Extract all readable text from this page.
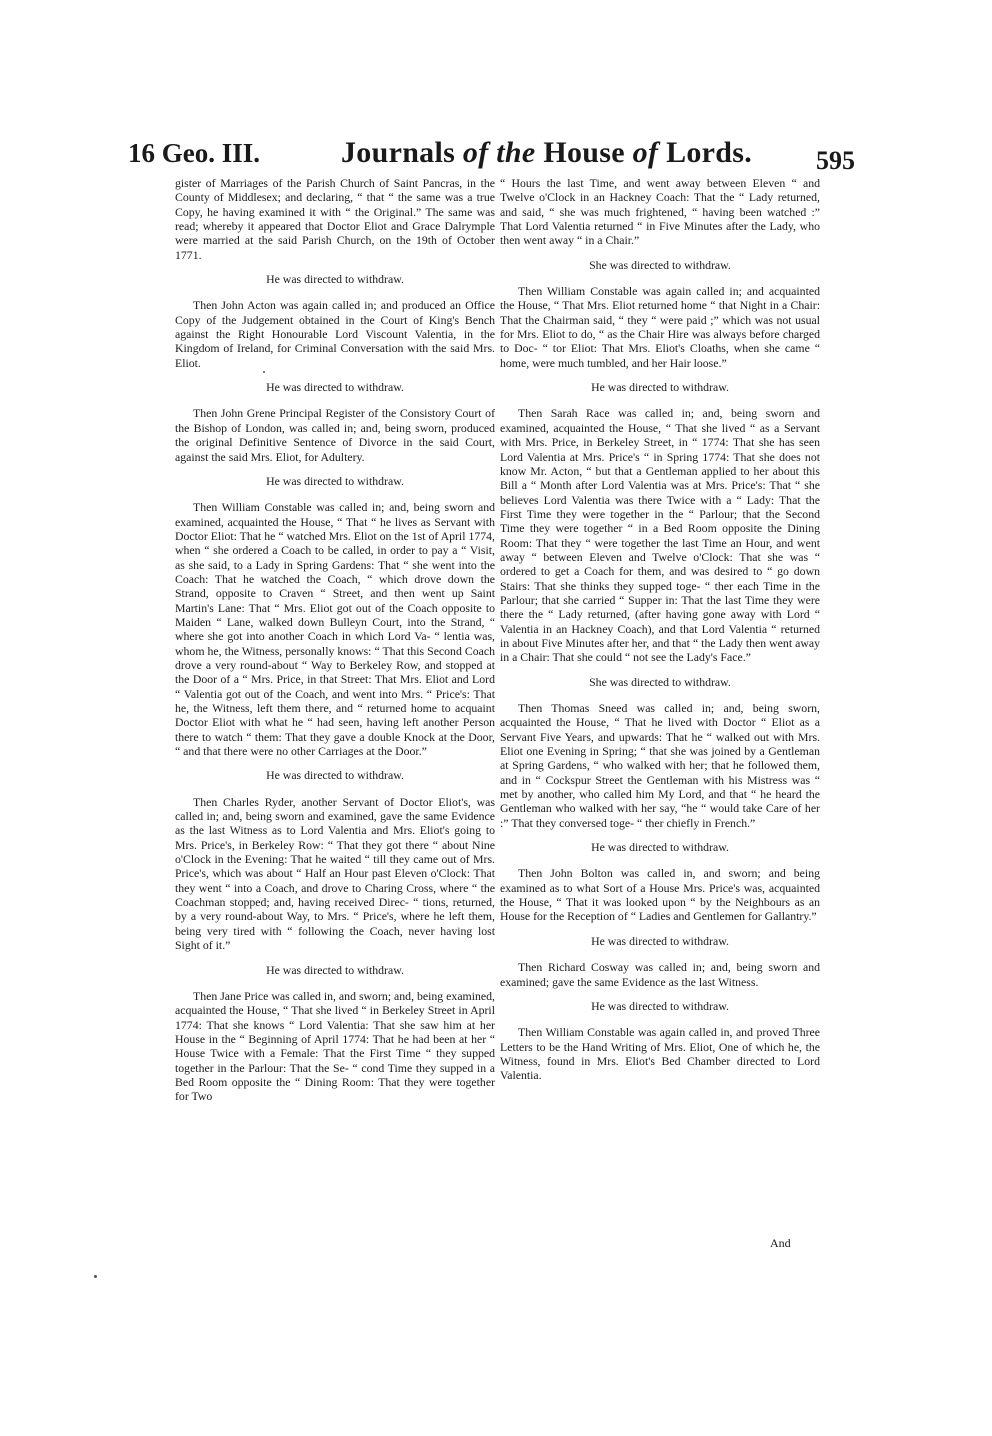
16 Geo. III.	Journals of the House of Lords. 595

gister of Marriages of the Parish Church of Saint Pancras, in the County of Middlesex; and declaring, “ that “ the same was a true Copy, he having examined it with “ the Original.” The same was read; whereby it appeared that Doctor Eliot and Grace Dalrymple were married at the said Parish Church, on the 19th of October 1771.

He was directed to withdraw.

Then John Acton was again called in; and produced an Office Copy of the Judgement obtained in the Court of King's Bench against the Right Honourable Lord Viscount Valentia, in the Kingdom of Ireland, for Criminal Conversation with the said Mrs. Eliot.

He was directed to withdraw.

Then John Grene Principal Register of the Consistory Court of the Bishop of London, was called in; and, being sworn, produced the original Definitive Sentence of Divorce in the said Court, against the said Mrs. Eliot, for Adultery.

He was directed to withdraw.

Then William Constable was called in; and, being sworn and examined, acquainted the House, “ That “ he lives as Servant with Doctor Eliot: That he “ watched Mrs. Eliot on the 1st of April 1774, when “ she ordered a Coach to be called, in order to pay a “ Visit, as she said, to a Lady in Spring Gardens: That “ she went into the Coach: That he watched the Coach, “ which drove down the Strand, opposite to Craven “ Street, and then went up Saint Martin's Lane: That “ Mrs. Eliot got out of the Coach opposite to Maiden “ Lane, walked down Bulleyn Court, into the Strand, “ where she got into another Coach in which Lord Va- “ lentia was, whom he, the Witness, personally knows: “ That this Second Coach drove a very round-about “ Way to Berkeley Row, and stopped at the Door of a “ Mrs. Price, in that Street: That Mrs. Eliot and Lord “ Valentia got out of the Coach, and went into Mrs. “ Price's: That he, the Witness, left them there, and “ returned home to acquaint Doctor Eliot with what he “ had seen, having left another Person there to watch “ them: That they gave a double Knock at the Door, “ and that there were no other Carriages at the Door.”

He was directed to withdraw.

Then Charles Ryder, another Servant of Doctor Eliot's, was called in; and, being sworn and examined, gave the same Evidence as the last Witness as to Lord Valentia and Mrs. Eliot's going to Mrs. Price's, in Berkeley Row: “ That they got there “ about Nine o'Clock in the Evening: That he waited “ till they came out of Mrs. Price's, which was about “ Half an Hour past Eleven o'Clock: That they went “ into a Coach, and drove to Charing Cross, where “ the Coachman stopped; and, having received Direc- “ tions, returned, by a very round-about Way, to Mrs. “ Price's, where he left them, being very tired with “ following the Coach, never having lost Sight of it.”

He was directed to withdraw.

Then Jane Price was called in, and sworn; and, being examined, acquainted the House, “ That she lived “ in Berkeley Street in April 1774: That she knows “ Lord Valentia: That she saw him at her House in the “ Beginning of April 1774: That he had been at her “ House Twice with a Female: That the First Time “ they supped together in the Parlour: That the Se- “ cond Time they supped in a Bed Room opposite the “ Dining Room: That they were together for Two

“ Hours the last Time, and went away between Eleven “ and Twelve o'Clock in an Hackney Coach: That the “ Lady returned, and said, “ she was much frightened, “ having been watched :” That Lord Valentia returned “ in Five Minutes after the Lady, who then went away “ in a Chair.”

She was directed to withdraw.

Then William Constable was again called in; and acquainted the House, “ That Mrs. Eliot returned home “ that Night in a Chair: That the Chairman said, “ they “ were paid ;” which was not usual for Mrs. Eliot to do, “ as the Chair Hire was always before charged to Doc- “ tor Eliot: That Mrs. Eliot's Cloaths, when she came “ home, were much tumbled, and her Hair loose.”

He was directed to withdraw.

Then Sarah Race was called in; and, being sworn and examined, acquainted the House, “ That she lived “ as a Servant with Mrs. Price, in Berkeley Street, in “ 1774: That she has seen Lord Valentia at Mrs. Price's “ in Spring 1774: That she does not know Mr. Acton, “ but that a Gentleman applied to her about this Bill a “ Month after Lord Valentia was at Mrs. Price's: That “ she believes Lord Valentia was there Twice with a “ Lady: That the First Time they were together in the “ Parlour; that the Second Time they were together “ in a Bed Room opposite the Dining Room: That they “ were together the last Time an Hour, and went away “ between Eleven and Twelve o'Clock: That she was “ ordered to get a Coach for them, and was desired to “ go down Stairs: That she thinks they supped toge- “ ther each Time in the Parlour; that she carried “ Supper in: That the last Time they were there the “ Lady returned, (after having gone away with Lord “ Valentia in an Hackney Coach), and that Lord Valentia “ returned in about Five Minutes after her, and that “ the Lady then went away in a Chair: That she could “ not see the Lady's Face.”

She was directed to withdraw.

Then Thomas Sneed was called in; and, being sworn, acquainted the House, “ That he lived with Doctor “ Eliot as a Servant Five Years, and upwards: That he “ walked out with Mrs. Eliot one Evening in Spring; “ that she was joined by a Gentleman at Spring Gardens, “ who walked with her; that he followed them, and in “ Cockspur Street the Gentleman with his Mistress was “ met by another, who called him My Lord, and that “ he heard the Gentleman who walked with her say, “he “ would take Care of her :” That they conversed toge- “ ther chiefly in French.”

He was directed to withdraw.

Then John Bolton was called in, and sworn; and being examined as to what Sort of a House Mrs. Price's was, acquainted the House, “ That it was looked upon “ by the Neighbours as an House for the Reception of “ Ladies and Gentlemen for Gallantry.”

He was directed to withdraw.

Then Richard Cosway was called in; and, being sworn and examined; gave the same Evidence as the last Witness.

He was directed to withdraw.

Then William Constable was again called in, and proved Three Letters to be the Hand Writing of Mrs. Eliot, One of which he, the Witness, found in Mrs. Eliot's Bed Chamber directed to Lord Valentia.

And
